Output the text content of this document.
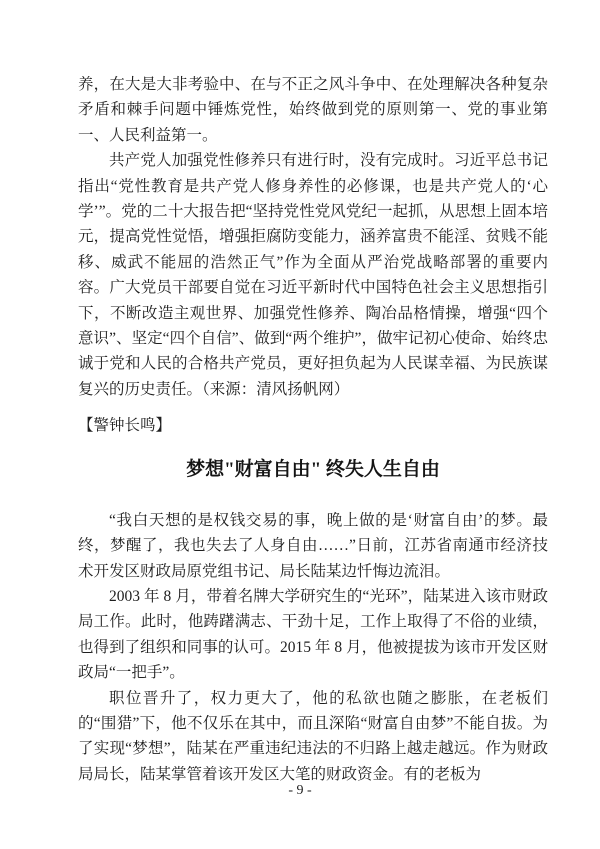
养，在大是大非考验中、在与不正之风斗争中、在处理解决各种复杂矛盾和棘手问题中锤炼党性，始终做到党的原则第一、党的事业第一、人民利益第一。

共产党人加强党性修养只有进行时，没有完成时。习近平总书记指出“党性教育是共产党人修身养性的必修课，也是共产党人的‘心学’”。党的二十大报告把“坚持党性党风党纪一起抓，从思想上固本培元，提高党性觉悟，增强拒腐防变能力，涵养富贵不能淫、贫贱不能移、威武不能屈的浩然正气”作为全面从严治党战略部署的重要内容。广大党员干部要自觉在习近平新时代中国特色社会主义思想指引下，不断改造主观世界、加强党性修养、陶冶品格情操，增强“四个意识”、坚定“四个自信”、做到“两个维护”，做牢记初心使命、始终忠诚于党和人民的合格共产党员，更好担负起为人民谋幸福、为民族谋复兴的历史责任。（来源：清风扬帆网）

【警钟长鸣】

梦想"财富自由" 终失人生自由

“我白天想的是权钱交易的事，晚上做的是‘财富自由’的梦。最终，梦醒了，我也失去了人身自由……”日前，江苏省南通市经济技术开发区财政局原党组书记、局长陆某边忏悔边流泪。

2003 年 8 月，带着名牌大学研究生的“光环”，陆某进入该市财政局工作。此时，他踌躇满志、干劲十足，工作上取得了不俗的业绩，也得到了组织和同事的认可。2015 年 8 月，他被提拔为该市开发区财政局“一把手”。

职位晋升了，权力更大了，他的私欲也随之膨胀，在老板们的“围猎”下，他不仅乐在其中，而且深陷“财富自由梦”不能自拔。为了实现“梦想”，陆某在严重违纪违法的不归路上越走越远。作为财政局局长，陆某掌管着该开发区大笔的财政资金。有的老板为

- 9 -
